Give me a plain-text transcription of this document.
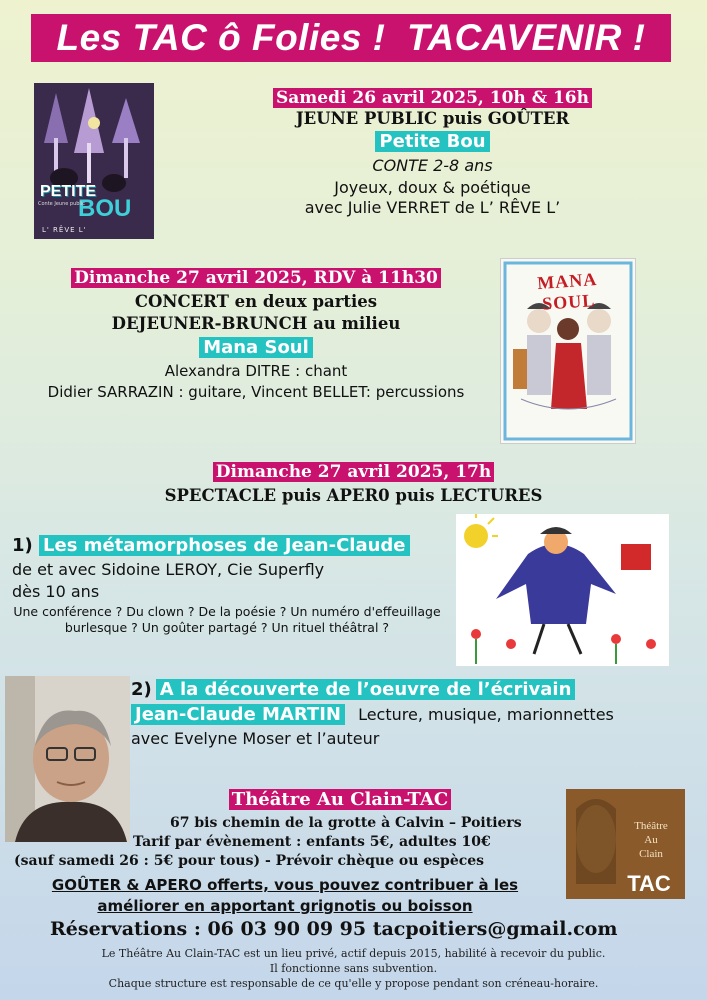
Les TAC ô Folies !  TACAVENIR !
PETITE
BOU
Conte Jeune public
L' RÊVE L'
Samedi 26 avril 2025, 10h & 16h
JEUNE PUBLIC puis GOÛTER
Petite Bou
CONTE 2-8 ans
Joyeux, doux & poétique
avec Julie VERRET de L’ RÊVE L’
MANA SOUL
Dimanche 27 avril 2025, RDV à 11h30
CONCERT en deux parties
DEJEUNER-BRUNCH au milieu
Mana Soul
Alexandra DITRE : chant
Didier SARRAZIN : guitare, Vincent BELLET: percussions
Dimanche 27 avril 2025, 17h
SPECTACLE puis APER0 puis LECTURES
1) Les métamorphoses de Jean-Claude
de et avec Sidoine LEROY, Cie Superfly
dès 10 ans
Une conférence ? Du clown ? De la poésie ? Un numéro d'effeuillage
burlesque ? Un goûter partagé ? Un rituel théâtral ?
2) A la découverte de l’oeuvre de l’écrivain
Jean-Claude MARTIN Lecture, musique, marionnettes
avec Evelyne Moser et l’auteur
Théâtre Au Clain-TAC
67 bis chemin de la grotte à Calvin – Poitiers
Tarif par évènement : enfants 5€, adultes 10€
(sauf samedi 26 : 5€ pour tous) - Prévoir chèque ou espèces
Théâtre
Au
Clain
TAC
GOÛTER & APERO offerts, vous pouvez contribuer à les
améliorer en apportant grignotis ou boisson
Réservations : 06 03 90 09 95 tacpoitiers@gmail.com
Le Théâtre Au Clain-TAC est un lieu privé, actif depuis 2015, habilité à recevoir du public.
Il fonctionne sans subvention.
Chaque structure est responsable de ce qu'elle y propose pendant son créneau-horaire.
